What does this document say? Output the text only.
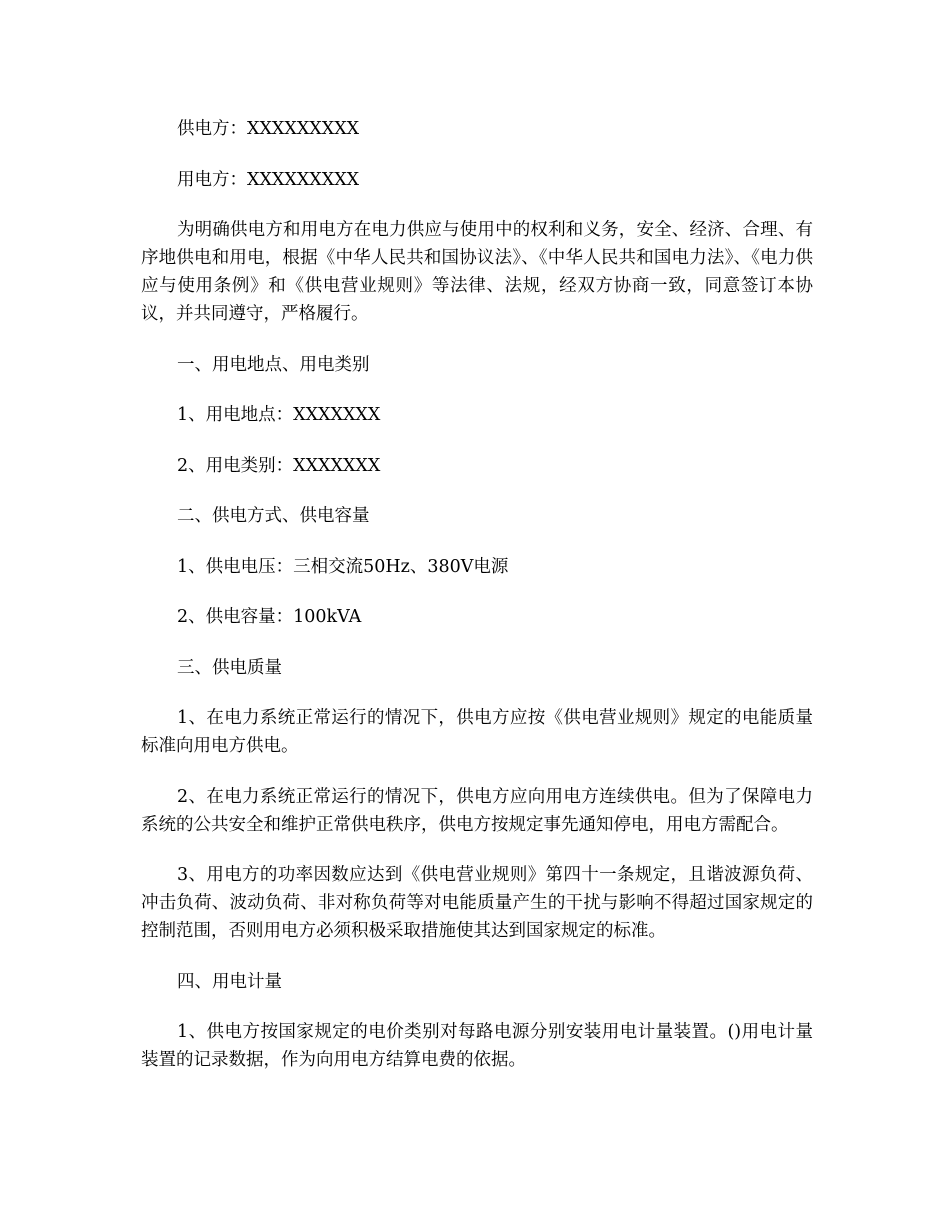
供电方：XXXXXXXXX

用电方：XXXXXXXXX

为明确供电方和用电方在电力供应与使用中的权利和义务，安全、经济、合理、有序地供电和用电，根据《中华人民共和国协议法》、《中华人民共和国电力法》、《电力供应与使用条例》和《供电营业规则》等法律、法规，经双方协商一致，同意签订本协议，并共同遵守，严格履行。

一、用电地点、用电类别

1、用电地点：XXXXXXX

2、用电类别：XXXXXXX

二、供电方式、供电容量

1、供电电压：三相交流50Hz、380V电源

2、供电容量：100kVA

三、供电质量

1、在电力系统正常运行的情况下，供电方应按《供电营业规则》规定的电能质量标准向用电方供电。

2、在电力系统正常运行的情况下，供电方应向用电方连续供电。但为了保障电力系统的公共安全和维护正常供电秩序，供电方按规定事先通知停电，用电方需配合。

3、用电方的功率因数应达到《供电营业规则》第四十一条规定，且谐波源负荷、冲击负荷、波动负荷、非对称负荷等对电能质量产生的干扰与影响不得超过国家规定的控制范围，否则用电方必须积极采取措施使其达到国家规定的标准。

四、用电计量

1、供电方按国家规定的电价类别对每路电源分别安装用电计量装置。()用电计量装置的记录数据，作为向用电方结算电费的依据。
